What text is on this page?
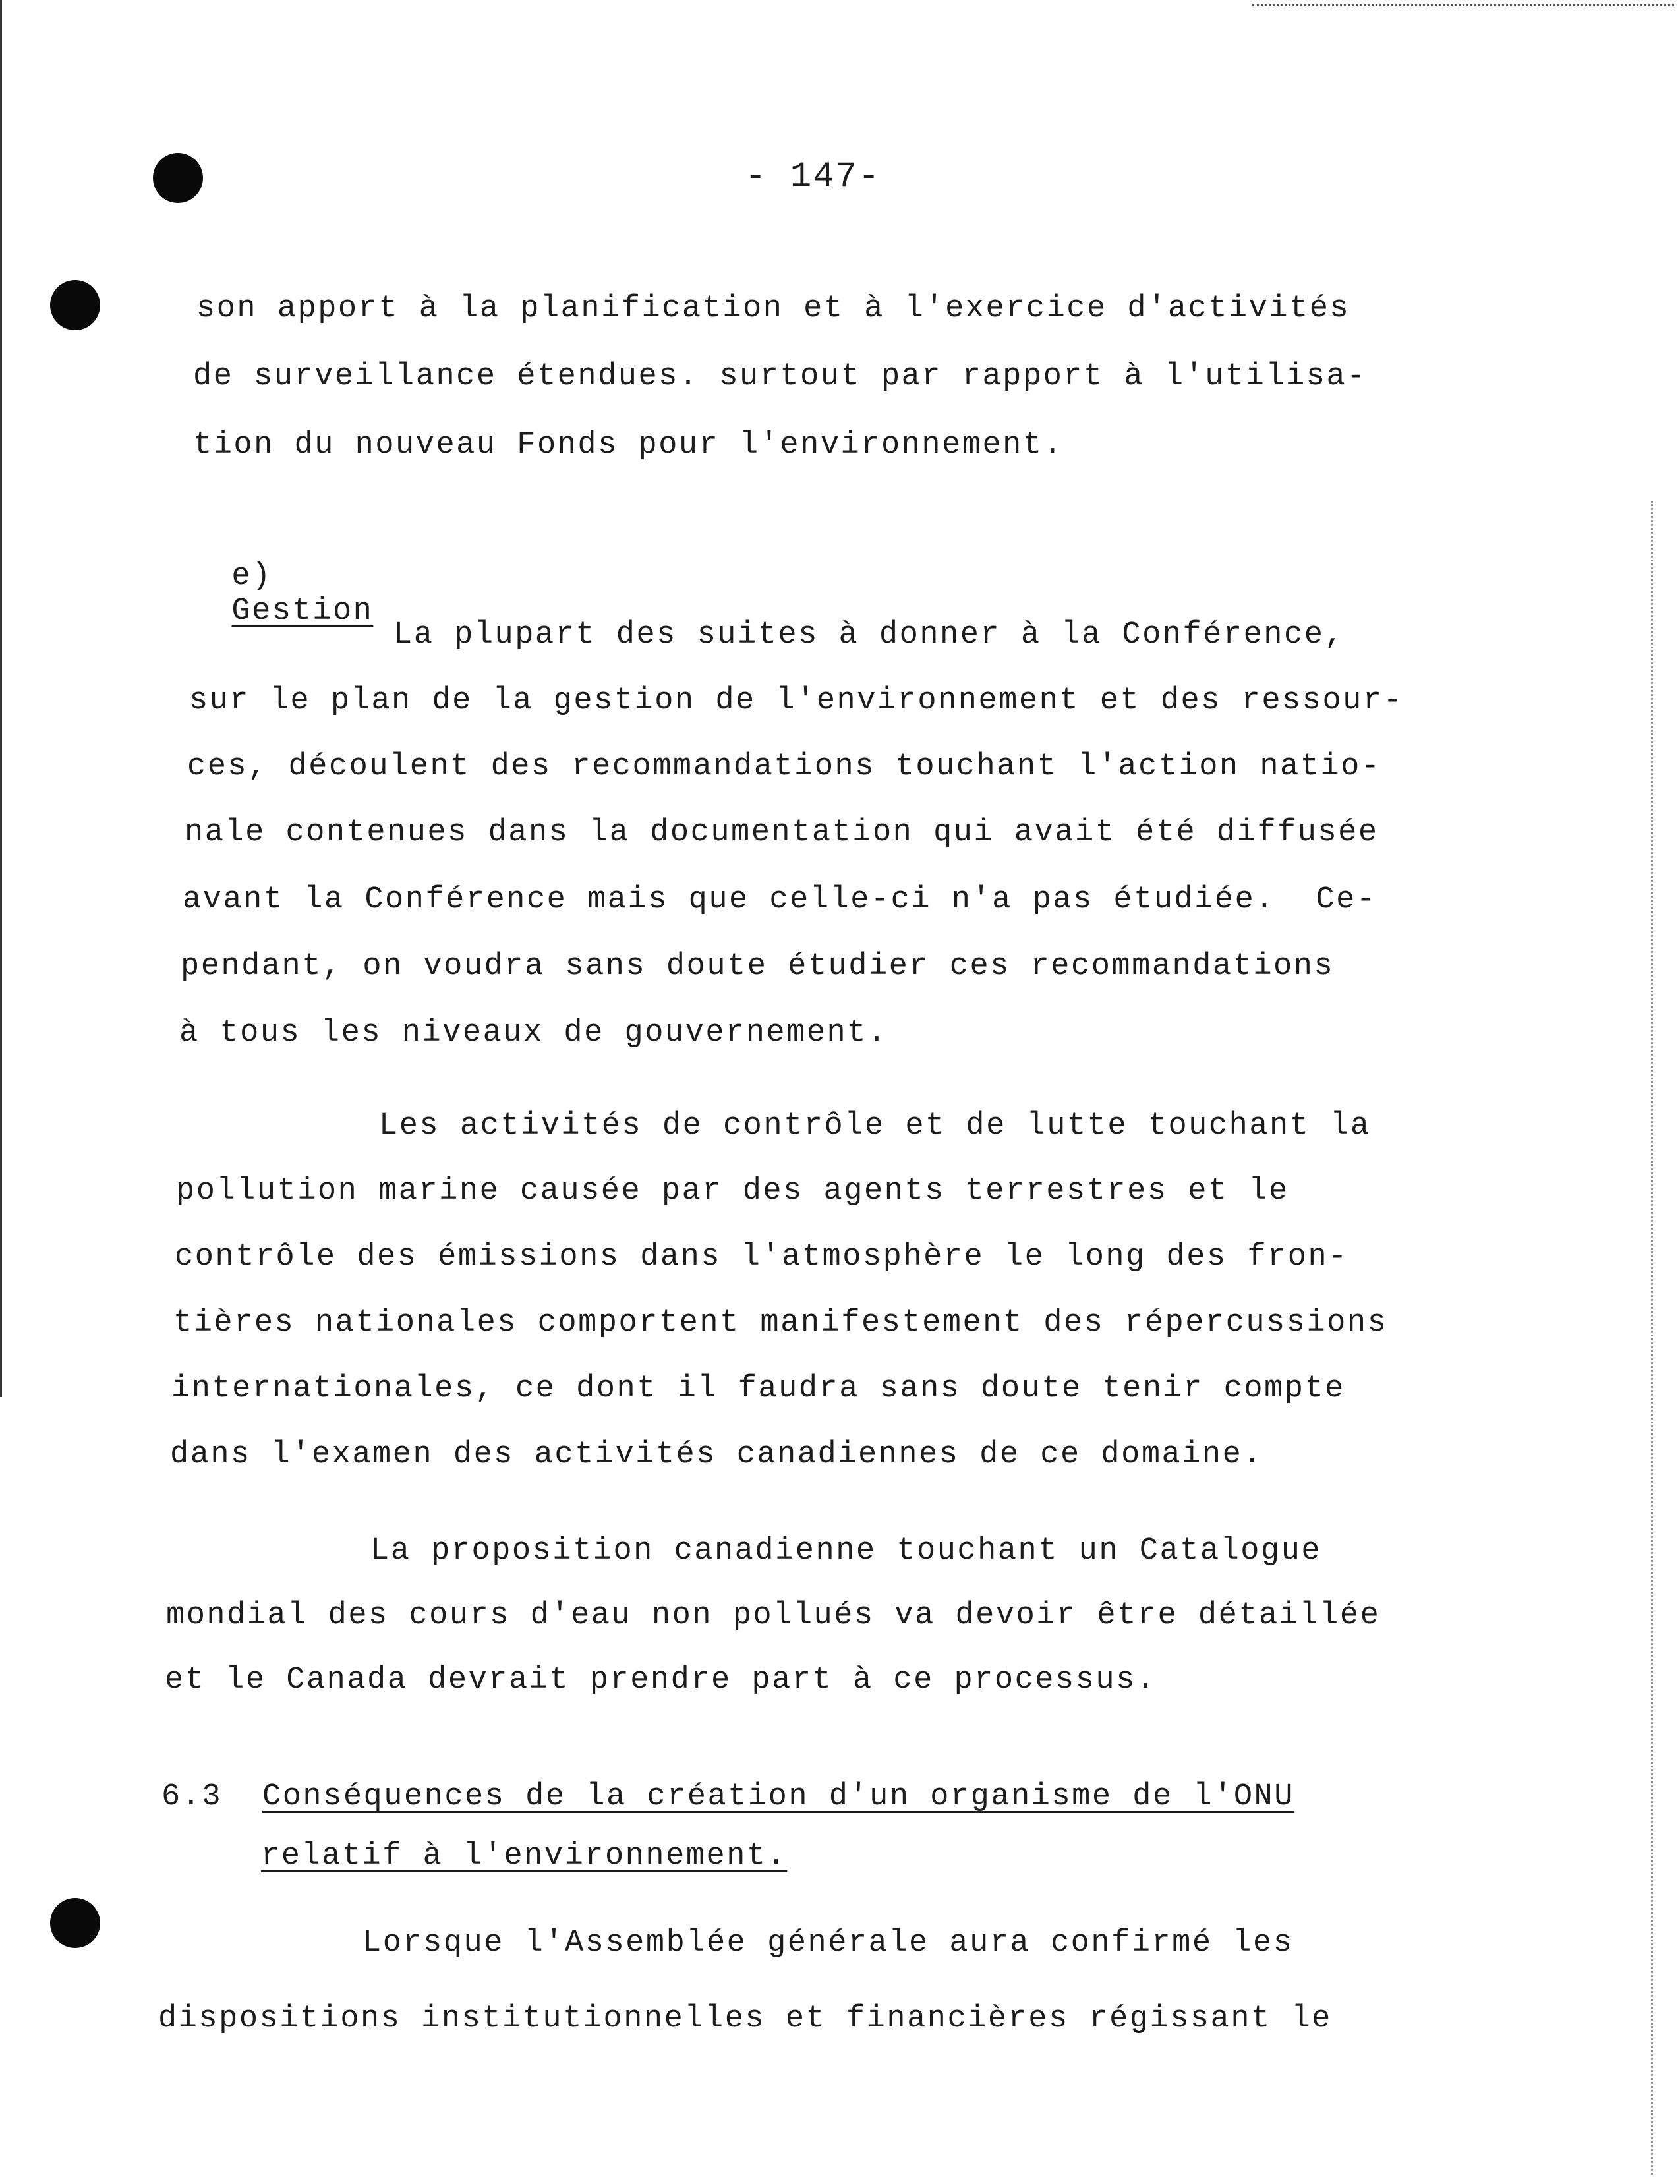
- 147-
son apport à la planification et à l'exercice d'activités
de surveillance étendues. surtout par rapport à l'utilisa-
tion du nouveau Fonds pour l'environnement.

e)
Gestion

La plupart des suites à donner à la Conférence,
sur le plan de la gestion de l'environnement et des ressour-
ces, découlent des recommandations touchant l'action natio-
nale contenues dans la documentation qui avait été diffusée
avant la Conférence mais que celle-ci n'a pas étudiée.  Ce-
pendant, on voudra sans doute étudier ces recommandations
à tous les niveaux de gouvernement.
Les activités de contrôle et de lutte touchant la
pollution marine causée par des agents terrestres et le
contrôle des émissions dans l'atmosphère le long des fron-
tières nationales comportent manifestement des répercussions
internationales, ce dont il faudra sans doute tenir compte
dans l'examen des activités canadiennes de ce domaine.
La proposition canadienne touchant un Catalogue
mondial des cours d'eau non pollués va devoir être détaillée
et le Canada devrait prendre part à ce processus.
6.3 Conséquences de la création d'un organisme de l'ONU
relatif à l'environnement.
Lorsque l'Assemblée générale aura confirmé les
dispositions institutionnelles et financières régissant le
